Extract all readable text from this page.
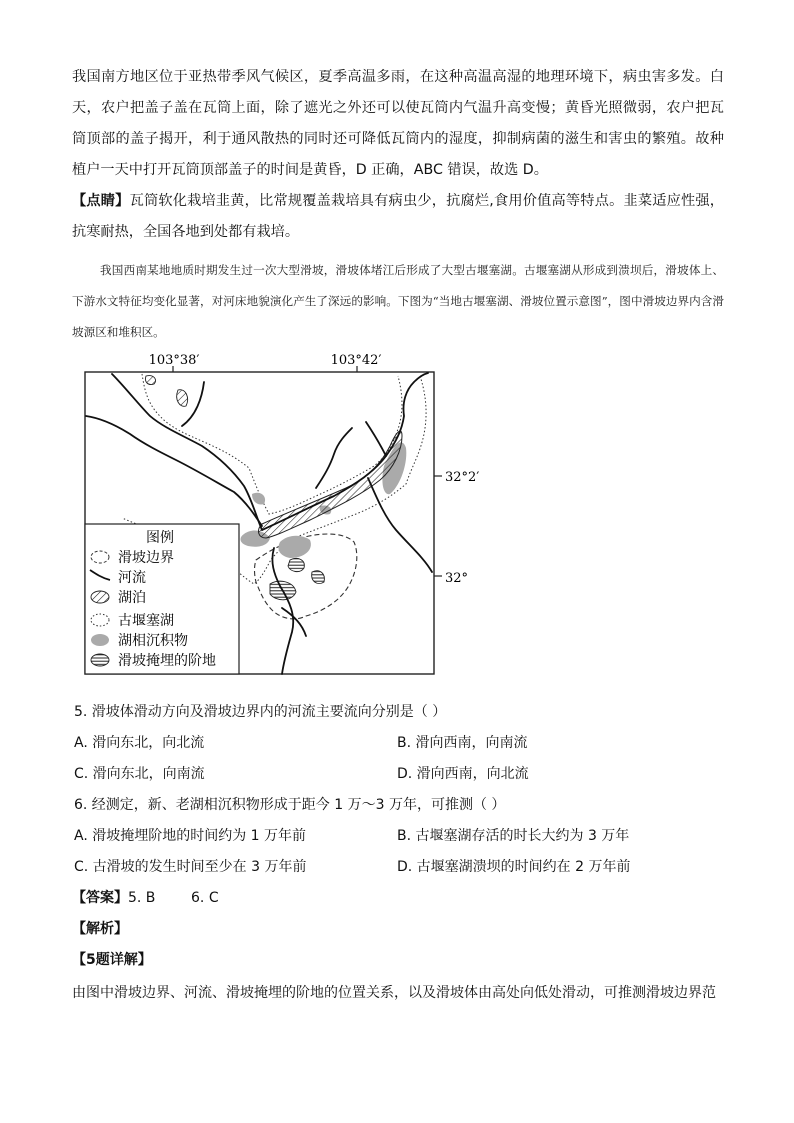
我国南方地区位于亚热带季风气候区，夏季高温多雨，在这种高温高湿的地理环境下，病虫害多发。白天，农户把盖子盖在瓦筒上面，除了遮光之外还可以使瓦筒内气温升高变慢；黄昏光照微弱，农户把瓦筒顶部的盖子揭开，利于通风散热的同时还可降低瓦筒内的湿度，抑制病菌的滋生和害虫的繁殖。故种植户一天中打开瓦筒顶部盖子的时间是黄昏，D 正确，ABC 错误，故选 D。

【点睛】瓦筒软化栽培韭黄，比常规覆盖栽培具有病虫少，抗腐烂,食用价值高等特点。韭菜适应性强，抗寒耐热，全国各地到处都有栽培。

我国西南某地地质时期发生过一次大型滑坡，滑坡体堵江后形成了大型古堰塞湖。古堰塞湖从形成到溃坝后，滑坡体上、下游水文特征均变化显著，对河床地貌演化产生了深远的影响。下图为“当地古堰塞湖、滑坡位置示意图”，图中滑坡边界内含滑坡源区和堆积区。

103°38′	103°42′
32°2′
32°
图例
滑坡边界
河流
湖泊
古堰塞湖
湖相沉积物
滑坡掩埋的阶地
5. 滑坡体滑动方向及滑坡边界内的河流主要流向分别是（ ）
A. 滑向东北，向北流	B. 滑向西南，向南流
C. 滑向东北，向南流	D. 滑向西南，向北流
6. 经测定，新、老湖相沉积物形成于距今 1 万～3 万年，可推测（ ）
A. 滑坡掩埋阶地的时间约为 1 万年前	B. 古堰塞湖存活的时长大约为 3 万年
C. 古滑坡的发生时间至少在 3 万年前	D. 古堰塞湖溃坝的时间约在 2 万年前
【答案】5. B        6. C
【解析】
【5题详解】
由图中滑坡边界、河流、滑坡掩埋的阶地的位置关系，以及滑坡体由高处向低处滑动，可推测滑坡边界范
